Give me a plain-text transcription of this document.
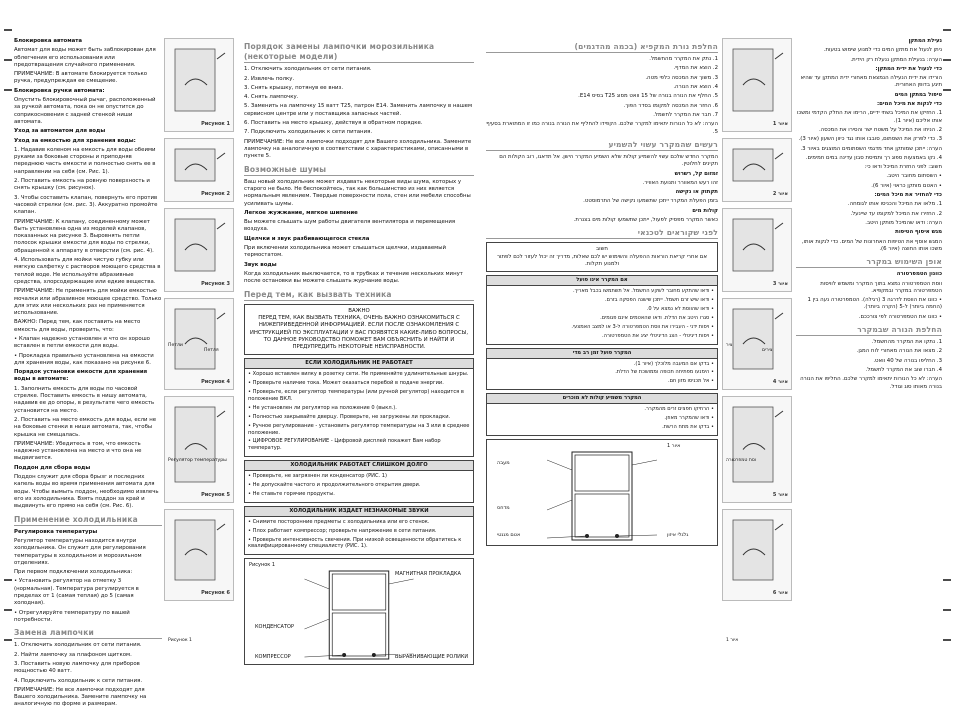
Блокировка автомата

Автомат для воды может быть заблокирован для облегчения его использования или предотвращения случайного применения.

ПРИМЕЧАНИЕ: В автомате блокируется только ручка, предупреждая ее смещение.

Блокировка ручки автомата:

Опустить блокировочный рычаг, расположенный за ручкой автомата, пока он не опустится до соприкосновения с задней стенкой ниши автомата.

Уход за автоматом для воды

Уход за емкостью для хранения воды:

1. Надавив коленом на емкость для воды обеими руками за боковые стороны и приподняв переднюю часть емкости и полностью снять ее в направлении на себя (см. Рис. 1).

2. Поставить емкость на ровную поверхность и снять крышку (см. рисунок).

3. Чтобы составить клапан, повернуть его против часовой стрелки (см. рис. 3). Аккуратно промойте клапан.

ПРИМЕЧАНИЕ: К клапану, соединенному может быть установлена одна из моделей клапанов, показанных на рисунке 3. Выровнять петли полосок крышки емкости для воды по стрелки, обращенной к аппарату в отверстии (см. рис. 4).

4. Использовать для мойки чистую губку или мягкую салфетку с растворов моющего средства в теплой воде. Не используйте абразивные средства, хлорсодержащие или едкие вещества.

ПРИМЕЧАНИЕ: Не применять для мойки емкостью мочалки или абразивное моющее средство. Только для этих или нескольких раз не применяется использование.

ВАЖНО: Перед тем, как поставить на место емкость для воды, проверить, что:

• Клапан надежно установлен и что он хорошо вставлен в петли емкости для воды.

• Прокладка правильно установлена на емкости для хранения воды, как показано на рисунке 6.

Порядок установки емкости для хранения воды в автомате:

1. Заполнить емкость для воды по часовой стрелке. Поставить емкость в нишу автомата, надавив ее до опоры, в результате чего емкость установится на место.

2. Поставить на место емкость для воды, если не на боковые стенки в ниши автомата, так, чтобы крышка не смещалась.

ПРИМЕЧАНИЕ: Убедитесь в том, что емкость надежно установлена на место и что она не выдвигается.

Поддон для сбора воды

Поддон служит для сбора брызг и последних капель воды во время применения автомата для воды. Чтобы вымыть поддон, необходимо извлечь его из холодильника. Взять поддон за край и выдвинуть его прямо на себя (см. Рис. 6).

Применение холодильника

Регулировка температуры

Регулятор температуры находится внутри холодильника. Он служит для регулирования температуры в холодильном и морозильном отделениях.

При первом подключении холодильника:

• Установить регулятор на отметку 3 (нормальная). Температура регулируется в пределах от 1 (самая теплая) до 5 (самая холодная).

• Отрегулируйте температуру по вашей потребности.

Замена лампочки

1. Отключить холодильник от сети питания.

2. Найти лампочку за плафоном щитком.

3. Поставить новую лампочку для приборов мощностью 40 ватт.

4. Подключить холодильник к сети питания.

ПРИМЕЧАНИЕ: Не все лампочки подходят для Вашего холодильника. Замените лампочку на аналогичную по форме и размерам.

Рисунок 1
Рисунок 2
Рисунок 3
Рисунок 4
Рисунок 5
Рисунок 6
Петли
Петля
Регулятор температуры
Рисунок 1
Порядок замены лампочки морозильника (некоторые модели)

1. Отключить холодильник от сети питания.

2. Извлечь полку.

3. Снять крышку, потянув ее вниз.

4. Снять лампочку.

5. Заменить на лампочку 15 ватт T25, патрон E14. Заменить лампочку в нашем сервисном центре или у поставщика запасных частей.

6. Поставить на место крышку, действуя в обратном порядке.

7. Подключить холодильник к сети питания.

ПРИМЕЧАНИЕ: Не все лампочки подходят для Вашего холодильника. Замените лампочку на аналогичную в соответствии с характеристиками, описанными в пункте 5.

Возможные шумы

Ваш новый холодильник может издавать некоторые виды шума, которых у старого не было. Не беспокойтесь, так как большинство из них является нормальным явлением. Твердые поверхности пола, стен или мебели способны усиливать шумы.

Легкое жужжание, мягкое шипение

Вы можете слышать шум работы двигателя вентилятора и перемещения воздуха.

Щелчки и звук разбивающегося стекла

При включении холодильника может слышаться щелчки, издаваемый термостатом.

Звук воды

Когда холодильник выключается, то в трубках и течение нескольких минут после остановки вы можете слышать журчание воды.

Перед тем, как вызвать техника
ВАЖНО
ПЕРЕД ТЕМ, КАК ВЫЗВАТЬ ТЕХНИКА, ОЧЕНЬ ВАЖНО ОЗНАКОМИТЬСЯ С НИЖЕПРИВЕДЕННОЙ ИНФОРМАЦИЕЙ. ЕСЛИ ПОСЛЕ ОЗНАКОМЛЕНИЯ С ИНСТРУКЦИЕЙ ПО ЭКСПЛУАТАЦИИ У ВАС ПОЯВЯТСЯ КАКИЕ-ЛИБО ВОПРОСЫ, ТО ДАННОЕ РУКОВОДСТВО ПОМОЖЕТ ВАМ ОБЪЯСНИТЬ И НАЙТИ И ПРЕДУПРЕДИТЬ НЕКОТОРЫЕ НЕИСПРАВНОСТИ.
ЕСЛИ ХОЛОДИЛЬНИК НЕ РАБОТАЕТ

• Хорошо вставлен вилку в розетку сети. Не применяйте удлинительные шнуры.

• Проверьте наличие тока. Может оказаться перебой в подаче энергии.

• Проверьте, если регулятор температуры (или ручной регулятор) находится в положение ВКЛ.

• Не установлен ли регулятор на положение 0 (выкл.).

• Полностью закрывайте дверцу. Проверьте, не загружены ли прокладки.

• Ручное регулирование - установить регулятор температуры на 3 или в среднее положение.

• ЦИФРОВОЕ РЕГУЛИРОВАНИЕ - Цифровой дисплей покажет Вам набор температур.

ХОЛОДИЛЬНИК РАБОТАЕТ СЛИШКОМ ДОЛГО

• Проверьте, не загрязнен ли конденсатор (РИС. 1)

• Не допускайте частого и продолжительного открытия двери.

• Не ставьте горячие продукты.

ХОЛОДИЛЬНИК ИЗДАЕТ НЕЗНАКОМЫЕ ЗВУКИ

• Снимите посторонние предметы с холодильника или его стенок.

• Плох работает компрессор; проверьте напряжение в сети питания.

• Проверьте интенсивность свечения. При низкой освещенности обратитесь к квалифицированному специалисту (РИС. 1).

Рисунок 1
МАГНИТНАЯ ПРОКЛАДКА
КОНДЕНСАТОР
КОМПРЕССОР	ВЫРАВНИВАЮЩИЕ РОЛИКИ
החלפת נורת המקפיא (בכמה מהדגמים)

1. נתק את המקרר מהחשמל.

2. הוצא את המדף.

3. משוך את המכסה כלפי מטה.

4. הוצא את הנורה.

5. החלף את הנורה בנורה של 15 וואט מסוג T25 בסיס E14.

6. החזר את המכסה למקומו בסדר הפוך.

7. חבר את המקרר לחשמל.

הערה: לא כל הנורות יתאימו למקרר שלכם. הקפידו להחליף את הנורה בנורה כמו זו המתוארת בסעיף 5.

רעשים שהמקרר עשוי להשמיע

המקרר החדש שלכם עשוי להשמיע קולות שלא השמיע המקרר הישן. אל תדאגו, רוב הקולות הם תקינים לחלוטין.

זמזום קל, רשרוש

זהו רעש המאוורר ותנועת האוויר.

תקתוק או נקישה

בזמן הפעלת המקרר ייתכן שתשמעו נקישה של התרמוסטט.

קולות מים

כאשר המקרר מפסיק לפעול, ייתכן שתשמעו קולות מים בצנרת.

לפני שקוראים לטכנאי
חשוב
אם אחרי קריאת הוראות ההפעלה והשימוש יש לכם שאלות, מדריך זה יכול לעזור לכם לפתור ולמנוע תקלות.
אם המקרר אינו פועל

• ודאו שהתקע מחובר לשקע החשמל. אל תשתמשו בכבל מאריך.

• ודאו שיש זרם חשמל. ייתכן שישנה הפסקה בזרם.

• ודאו שהווסת לא נמצא על 0.

• סגרו היטב את הדלת. ודאו שהאטמים אינם פגומים.

• ויסות ידני - העבירו את ווסת הטמפרטורה ל-3 או למצב האמצעי.

• ויסות דיגיטלי - הצג הדיגיטלי יציג את הטמפרטורה.

המקרר פועל זמן רב מדי

• בדקו אם המעבה מלוכלך (איור 1).

• הימנעו מפתיחה תכופה וממושכת של הדלת.

• אל תכניסו מזון חם.

המקרר משמיע קולות לא מוכרים

• הרחיקו חפצים זרים מהמקרר.

• ודאו שהמקרר מאוזן.

• בדקו את מתח הרשת.

איור 1
מעבה
מדחס
גלגלי איזון
אטם מגנטי
איור 1
איור 2
איור 3
איור 4
איור 5
איור 6
ציר
צירים
וסת טמפרטורה
איור 1

נעילת המתקן

ניתן לנעול את מתקן המים כדי למנוע שימוש בטעות.

הערה: בנעילת המתקן ננעלת רק הידית.

כדי לנעול את ידית המתקן:

הורידו את ידית הנעילה הנמצאת מאחורי ידית המתקן עד שהיא תיגע בדופן האחורית.

טיפול במתקן המים

כדי לנקות את מיכל המים:

1. החזיקו את המיכל בשתי ידיים, הרימו את החלק הקדמי ומשכו אותו אליכם (איור 1).

2. הניחו את המיכל על משטח ישר והסירו את המכסה.

3. כדי לפרק את השסתום, סובבו אותו נגד כיוון השעון (איור 3).

הערה: ייתכן שמותקן אחד מדגמי השסתומים המוצגים באיור 3.

4. נקו באמצעות ספוג רך ותמיסת סבון עדינה במים חמימים.

חשוב: לפני החזרת המיכל ודאו כי:

• השסתום מחובר היטב.

• האטם מותקן כראוי (איור 6).

כדי להחזיר את מיכל המים:

1. מלאו את המיכל והכניסו אותו לגומחה.

2. החזירו את המיכל למקומו עד שיינעל.

הערה: ודאו שהמיכל מותקן היטב.

מגש איסוף הטיפות

המגש אוסף את הטיפות האחרונות של המים. כדי לנקות אותו, משכו אותו החוצה (איור 6).

אופן השימוש במקרר

כוונון הטמפרטורה

ווסת הטמפרטורה נמצא בתוך המקרר ומשמש לוויסות הטמפרטורה במקרר ובמקפיא.

• כוונו את הווסת לדרגה 3 (רגילה). הטמפרטורה נעה בין 1 (החמה ביותר) ל-5 (הקרה ביותר).

• כוונו את הטמפרטורה לפי צורככם.

החלפת הנורה שבמקרר

1. נתקו את המקרר מהחשמל.

2. מצאו את הנורה מאחורי לוח המגן.

3. החליפו בנורה של 40 וואט.

4. חברו שוב את המקרר לחשמל.

הערה: לא כל הנורות יתאימו למקרר שלכם. החליפו את הנורה בנורה מאותו סוג וגודל.
